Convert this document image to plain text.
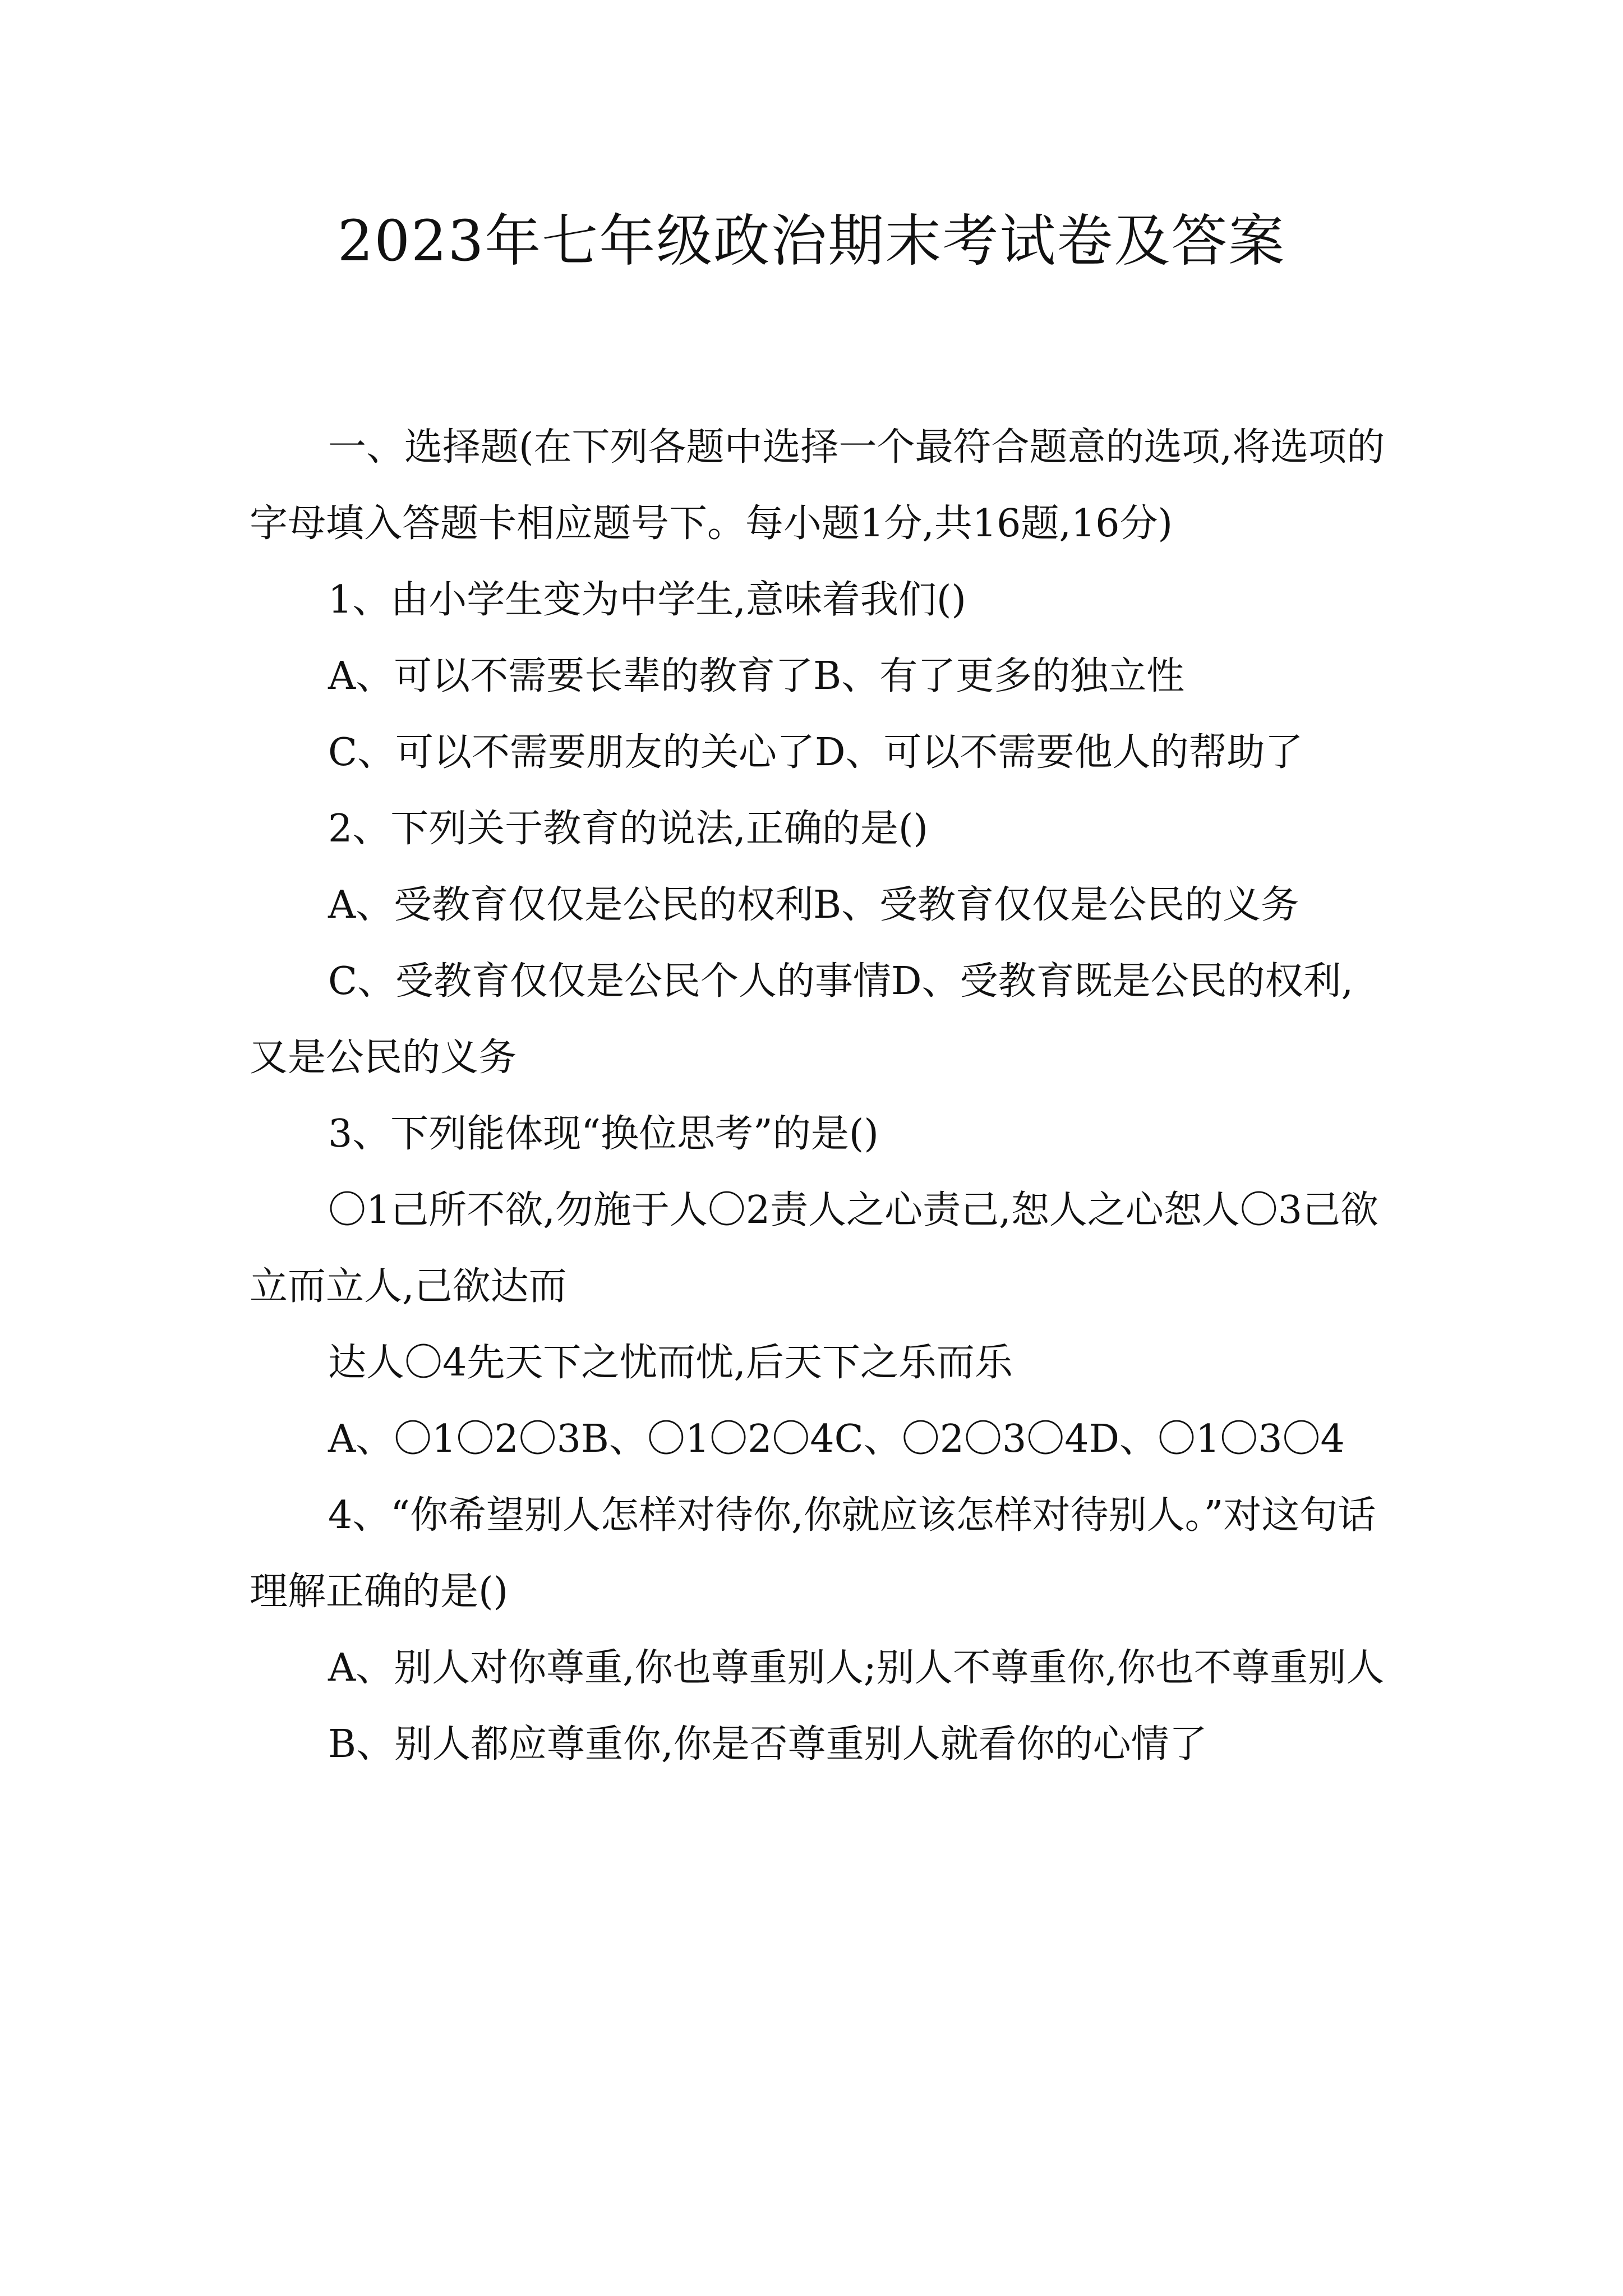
2023年七年级政治期末考试卷及答案

一、选择题(在下列各题中选择一个最符合题意的选项,将选项的字母填入答题卡相应题号下。每小题1分,共16题,16分)

1、由小学生变为中学生,意味着我们()

A、可以不需要长辈的教育了B、有了更多的独立性

C、可以不需要朋友的关心了D、可以不需要他人的帮助了

2、下列关于教育的说法,正确的是()

A、受教育仅仅是公民的权利B、受教育仅仅是公民的义务

C、受教育仅仅是公民个人的事情D、受教育既是公民的权利,又是公民的义务

3、下列能体现“换位思考”的是()

〇1己所不欲,勿施于人〇2责人之心责己,恕人之心恕人〇3己欲立而立人,己欲达而

达人〇4先天下之忧而忧,后天下之乐而乐

A、〇1〇2〇3B、〇1〇2〇4C、〇2〇3〇4D、〇1〇3〇4

4、“你希望别人怎样对待你,你就应该怎样对待别人。”对这句话理解正确的是()

A、别人对你尊重,你也尊重别人;别人不尊重你,你也不尊重别人

B、别人都应尊重你,你是否尊重别人就看你的心情了
